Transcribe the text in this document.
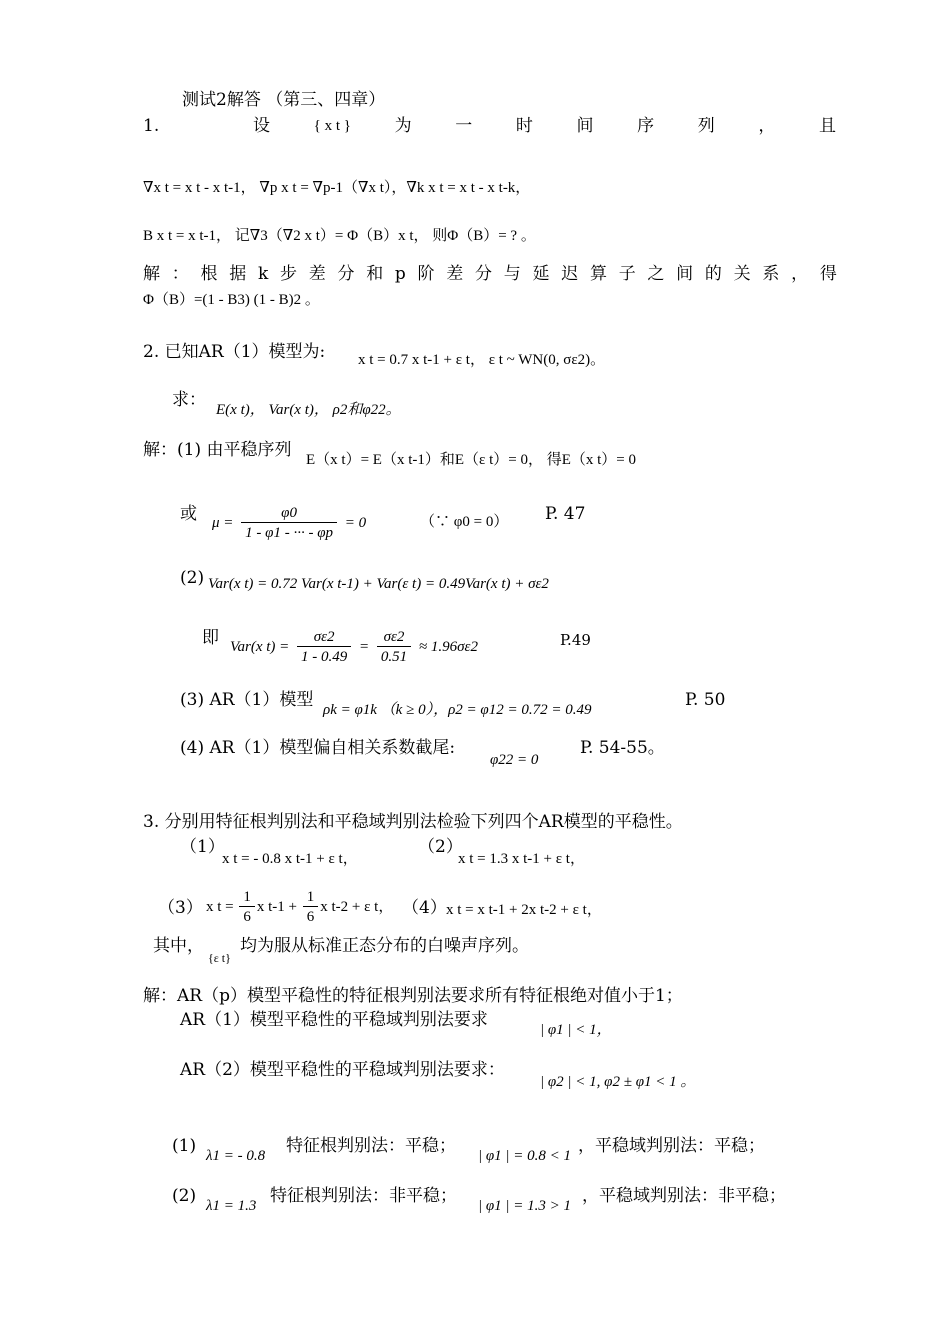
测试2解答 （第三、四章）
1.	设	{ x t }	为	一	时	间	序	列	，	且
∇x t = x t - x t-1， ∇p x t = ∇p-1（∇x t），∇k x t = x t - x t-k，
B x t = x t-1， 记∇3（∇2 x t）= Φ（B）x t， 则Φ（B）= ? 。
解 ： 根 据 k 步 差 分 和 p 阶 差 分 与 延 迟 算 子 之 间 的 关 系 ， 得
Φ（B）=(1 - B3) (1 - B)2 。
2. 已知AR（1）模型为: x t = 0.7 x t-1 + ε t， ε t ~ WN(0, σε2)。
求： E(x t)， Var(x t)， ρ2和φ22。
解：(1) 由平稳序列 E（x t）= E（x t-1）和E（ε t）= 0， 得E（x t）= 0
或 $\mu = \frac{\varphi 0}{1 - \varphi 1 - \cdot\cdot\cdot - \varphi p} = 0$	（∵ φ0 = 0） P. 47
(2) Var(x t) = 0.72 Var(x t-1) + Var(ε t) = 0.49Var(x t) + σε2
即 Var(x $t) = \frac{\sigma\varepsilon 2}{1 - 0.49} = \frac{\sigma\varepsilon 2}{0.51} \approx 1.96\sigma\varepsilon 2$	P.49
(3) AR（1）模型 ρk = φ1k （k ≥ 0），ρ2 = φ12 = 0.72 = 0.49	P. 50
(4) AR（1）模型偏自相关系数截尾:
φ22 = 0
P. 54-55。
3. 分别用特征根判别法和平稳域判别法检验下列四个AR模型的平稳性。
（1）
x t = - 0.8 x t-1 + ε t，
（2）
x t = 1.3 x t-1 + ε t，
（3） x $t = \frac{1}{6}$ x $t-1 + \frac{1}{6}$ x t-2 + ε t， （4） x t = x t-1 + 2x t-2 + ε t，
其中，
{ε t}
均为服从标准正态分布的白噪声序列。
解：AR（p）模型平稳性的特征根判别法要求所有特征根绝对值小于1；
AR（1）模型平稳性的平稳域判别法要求	| φ1 | < 1，
AR（2）模型平稳性的平稳域判别法要求：
| φ2 | < 1, φ2 ± φ1 < 1 。
(1) λ1 = - 0.8 特征根判别法：平稳； | φ1 | = 0.8 < 1 ，平稳域判别法：平稳；
(2) λ1 = 1.3 特征根判别法：非平稳； | φ1 | = 1.3 > 1 ，平稳域判别法：非平稳；
